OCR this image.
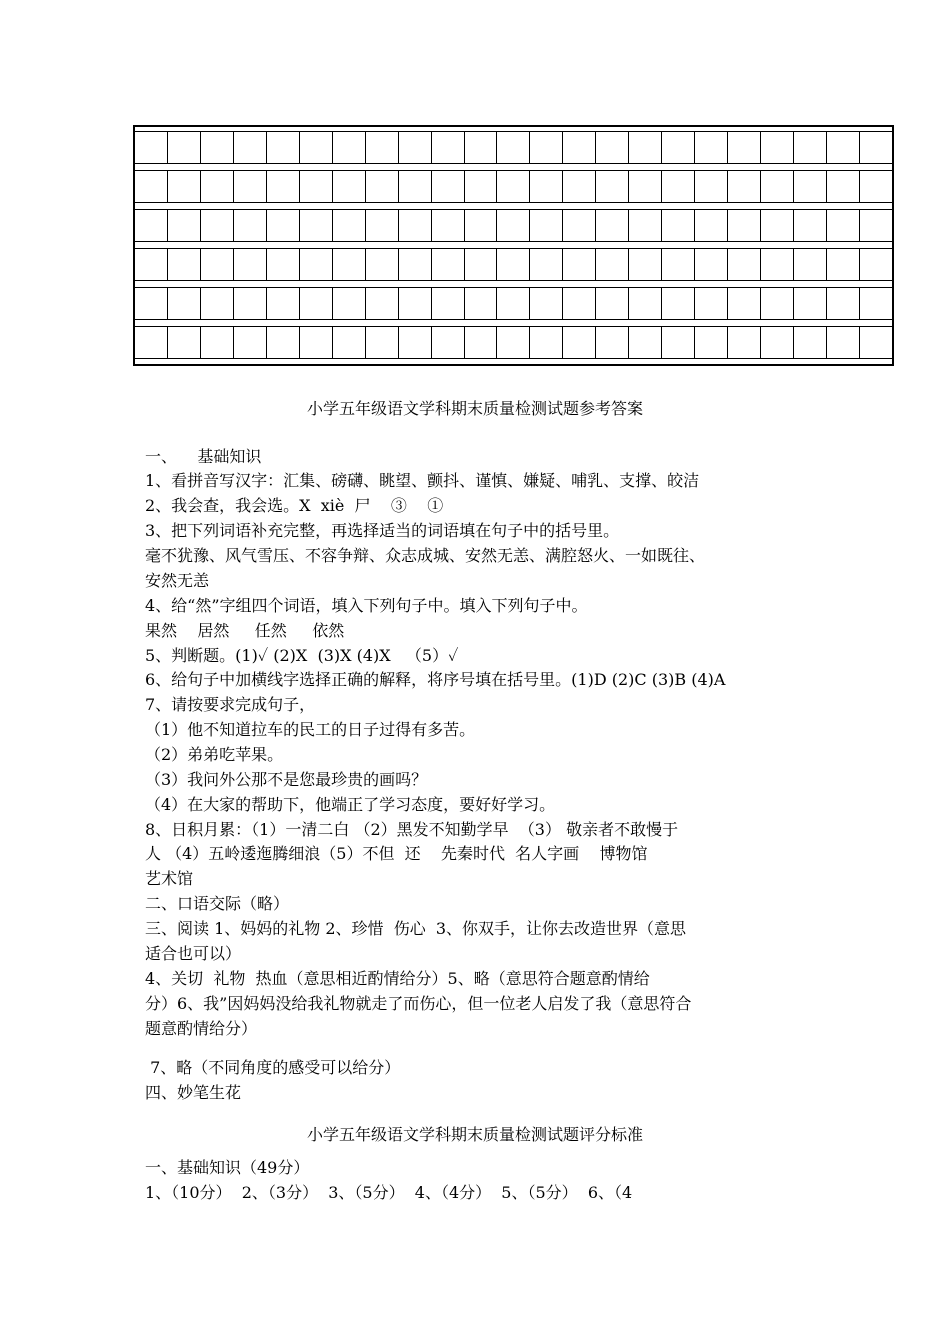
小学五年级语文学科期末质量检测试题参考答案
一、    基础知识
1、看拼音写汉字：汇集、磅礴、眺望、颤抖、谨慎、嫌疑、哺乳、支撑、皎洁
2、我会查，我会选。X  xiè  尸    ③    ①
3、把下列词语补充完整，再选择适当的词语填在句子中的括号里。
毫不犹豫、风气雪压、不容争辩、众志成城、安然无恙、满腔怒火、一如既往、
安然无恙
4、给“然”字组四个词语，填入下列句子中。填入下列句子中。
果然    居然     任然     依然
5、判断题。(1)✓ (2)X  (3)X (4)X   （5）✓
6、给句子中加横线字选择正确的解释，将序号填在括号里。(1)D (2)C (3)B (4)A
7、请按要求完成句子，
（1）他不知道拉车的民工的日子过得有多苦。
（2）弟弟吃苹果。
（3）我问外公那不是您最珍贵的画吗？
（4）在大家的帮助下，他端正了学习态度，要好好学习。
8、日积月累：（1）一清二白 （2）黑发不知勤学早  （3） 敬亲者不敢慢于
人 （4）五岭逶迤腾细浪（5）不但  还    先秦时代  名人字画    博物馆
艺术馆
二、口语交际（略）
三、阅读 1、妈妈的礼物 2、珍惜  伤心  3、你双手，让你去改造世界（意思
适合也可以）
4、关切  礼物  热血（意思相近酌情给分）5、略（意思符合题意酌情给
分）6、我”因妈妈没给我礼物就走了而伤心，但一位老人启发了我（意思符合
题意酌情给分）
7、略（不同角度的感受可以给分）
四、妙笔生花
小学五年级语文学科期末质量检测试题评分标准
一、基础知识（49分）
1、（10分）  2、（3分）  3、（5分）  4、（4分）  5、（5分）  6、（4
